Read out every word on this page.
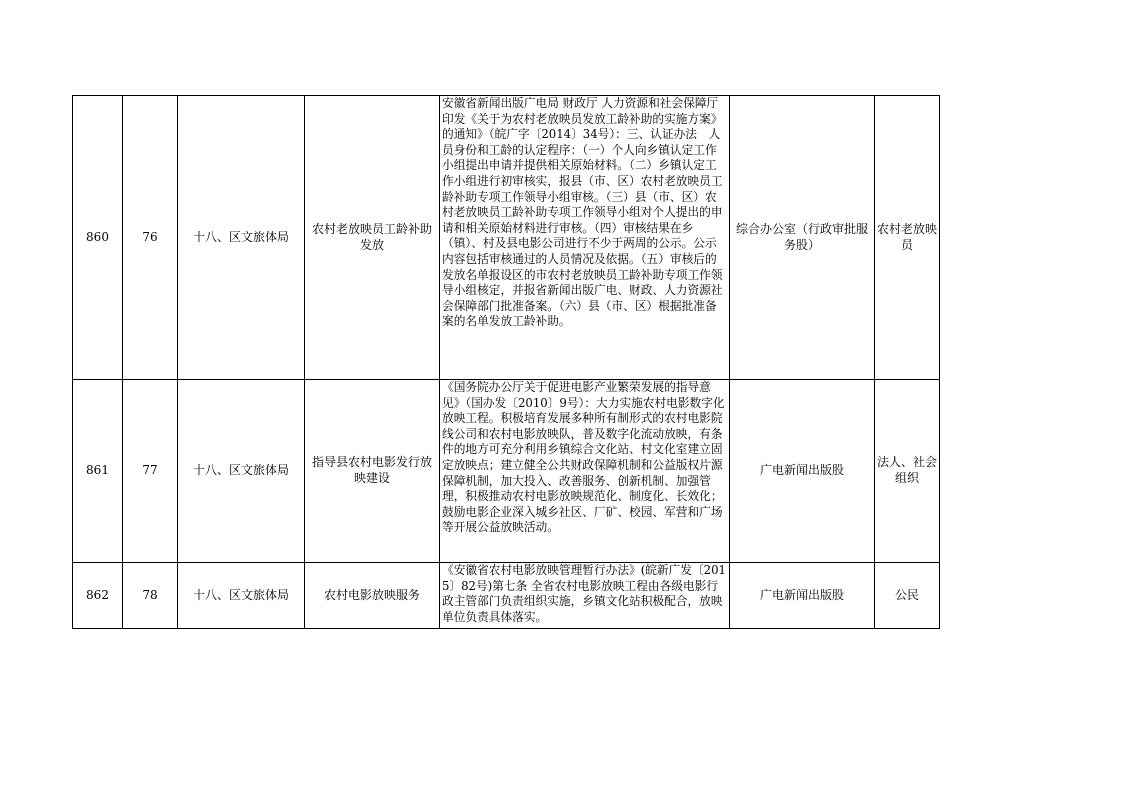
860	76	十八、区文旅体局	农村老放映员工龄补助发放	安徽省新闻出版广电局 财政厅 人力资源和社会保障厅印发《关于为农村老放映员发放工龄补助的实施方案》的通知》（皖广字〔2014〕34号）：三、认证办法　人员身份和工龄的认定程序：（一）个人向乡镇认定工作小组提出申请并提供相关原始材料。（二）乡镇认定工作小组进行初审核实，报县（市、区）农村老放映员工龄补助专项工作领导小组审核。（三）县（市、区）农村老放映员工龄补助专项工作领导小组对个人提出的申请和相关原始材料进行审核。（四）审核结果在乡（镇）、村及县电影公司进行不少于两周的公示。公示内容包括审核通过的人员情况及依据。（五）审核后的发放名单报设区的市农村老放映员工龄补助专项工作领导小组核定，并报省新闻出版广电、财政、人力资源社会保障部门批准备案。（六）县（市、区）根据批准备案的名单发放工龄补助。	综合办公室（行政审批服务股）	农村老放映员
861	77	十八、区文旅体局	指导县农村电影发行放映建设	《国务院办公厅关于促进电影产业繁荣发展的指导意见》（国办发〔2010〕9号）：大力实施农村电影数字化放映工程。积极培育发展多种所有制形式的农村电影院线公司和农村电影放映队，普及数字化流动放映，有条件的地方可充分利用乡镇综合文化站、村文化室建立固定放映点；建立健全公共财政保障机制和公益版权片源保障机制，加大投入、改善服务、创新机制、加强管理，积极推动农村电影放映规范化、制度化、长效化；鼓励电影企业深入城乡社区、厂矿、校园、军营和广场等开展公益放映活动。	广电新闻出版股	法人、社会组织
862	78	十八、区文旅体局	农村电影放映服务	《安徽省农村电影放映管理暂行办法》(皖新广发〔2015〕82号)第七条 全省农村电影放映工程由各级电影行政主管部门负责组织实施，乡镇文化站积极配合，放映单位负责具体落实。	广电新闻出版股	公民
